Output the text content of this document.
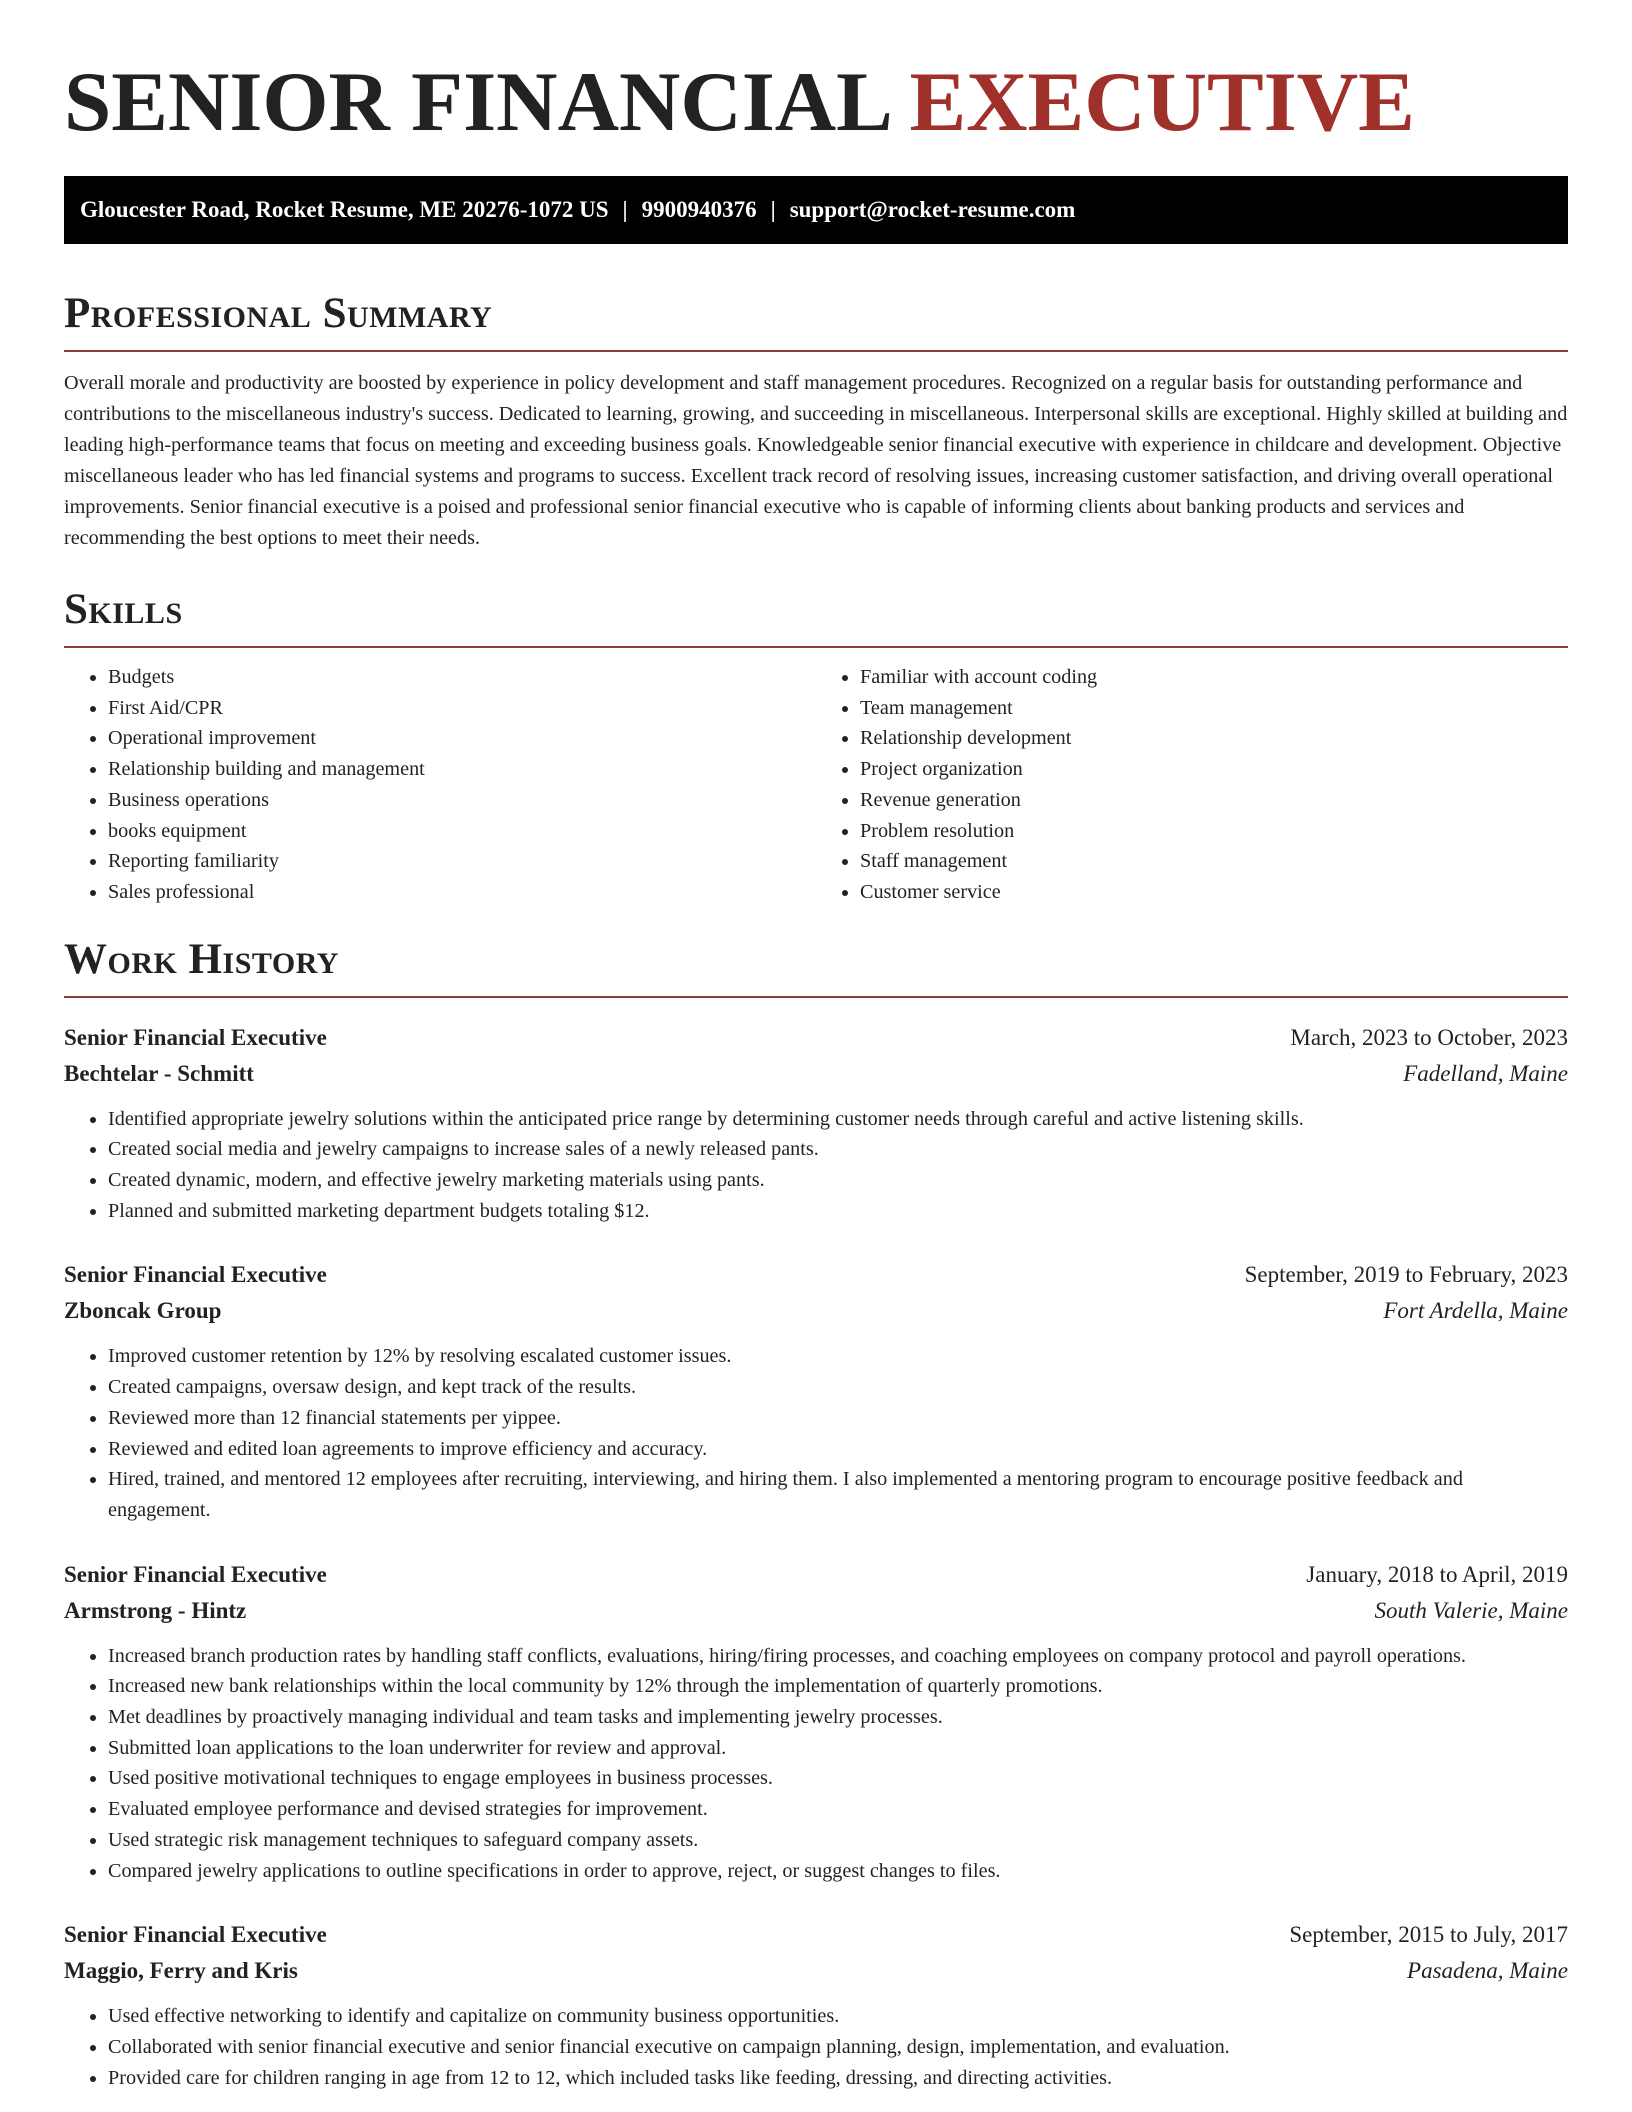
SENIOR FINANCIAL EXECUTIVE
Gloucester Road, Rocket Resume, ME 20276-1072 US | 9900940376 | support@rocket-resume.com
Professional Summary

Overall morale and productivity are boosted by experience in policy development and staff management procedures. Recognized on a regular basis for outstanding performance and contributions to the miscellaneous industry's success. Dedicated to learning, growing, and succeeding in miscellaneous. Interpersonal skills are exceptional. Highly skilled at building and leading high-performance teams that focus on meeting and exceeding business goals. Knowledgeable senior financial executive with experience in childcare and development. Objective miscellaneous leader who has led financial systems and programs to success. Excellent track record of resolving issues, increasing customer satisfaction, and driving overall operational improvements. Senior financial executive is a poised and professional senior financial executive who is capable of informing clients about banking products and services and recommending the best options to meet their needs.

Skills
• Budgets
• First Aid/CPR
• Operational improvement
• Relationship building and management
• Business operations
• books equipment
• Reporting familiarity
• Sales professional
• Familiar with account coding
• Team management
• Relationship development
• Project organization
• Revenue generation
• Problem resolution
• Staff management
• Customer service
Work History
Senior Financial Executive	March, 2023 to October, 2023
Bechtelar - Schmitt	Fadelland, Maine
• Identified appropriate jewelry solutions within the anticipated price range by determining customer needs through careful and active listening skills.
• Created social media and jewelry campaigns to increase sales of a newly released pants.
• Created dynamic, modern, and effective jewelry marketing materials using pants.
• Planned and submitted marketing department budgets totaling $12.
Senior Financial Executive	September, 2019 to February, 2023
Zboncak Group	Fort Ardella, Maine
• Improved customer retention by 12% by resolving escalated customer issues.
• Created campaigns, oversaw design, and kept track of the results.
• Reviewed more than 12 financial statements per yippee.
• Reviewed and edited loan agreements to improve efficiency and accuracy.
• Hired, trained, and mentored 12 employees after recruiting, interviewing, and hiring them. I also implemented a mentoring program to encourage positive feedback and engagement.
Senior Financial Executive	January, 2018 to April, 2019
Armstrong - Hintz	South Valerie, Maine
• Increased branch production rates by handling staff conflicts, evaluations, hiring/firing processes, and coaching employees on company protocol and payroll operations.
• Increased new bank relationships within the local community by 12% through the implementation of quarterly promotions.
• Met deadlines by proactively managing individual and team tasks and implementing jewelry processes.
• Submitted loan applications to the loan underwriter for review and approval.
• Used positive motivational techniques to engage employees in business processes.
• Evaluated employee performance and devised strategies for improvement.
• Used strategic risk management techniques to safeguard company assets.
• Compared jewelry applications to outline specifications in order to approve, reject, or suggest changes to files.
Senior Financial Executive	September, 2015 to July, 2017
Maggio, Ferry and Kris	Pasadena, Maine
• Used effective networking to identify and capitalize on community business opportunities.
• Collaborated with senior financial executive and senior financial executive on campaign planning, design, implementation, and evaluation.
• Provided care for children ranging in age from 12 to 12, which included tasks like feeding, dressing, and directing activities.
